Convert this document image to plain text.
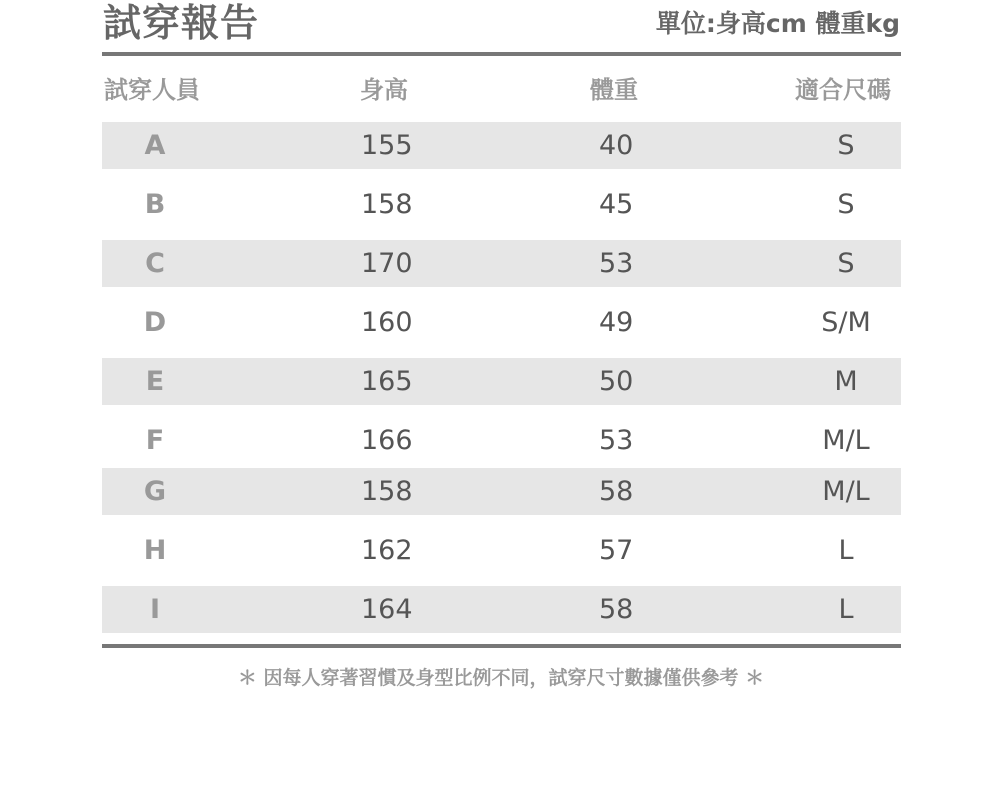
試穿報告	單位:身高cm 體重kg
試穿人員	身高	體重	適合尺碼
A	155	40	S
B	158	45	S
C	170	53	S
D	160	49	S/M
E	165	50	M
F	166	53	M/L
G	158	58	M/L
H	162	57	L
I	164	58	L
＊ 因每人穿著習慣及身型比例不同，試穿尺寸數據僅供參考 ＊
